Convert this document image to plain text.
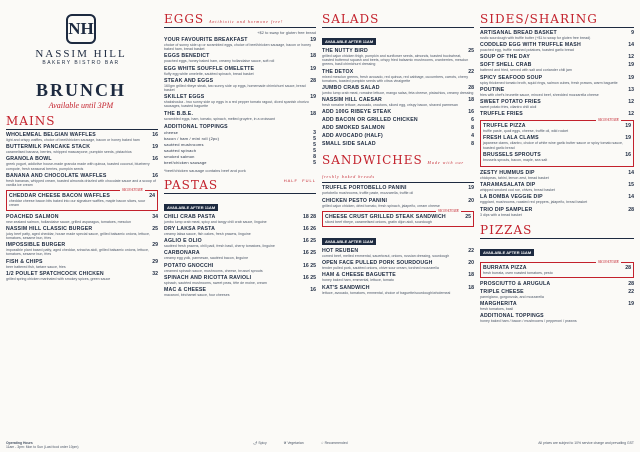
NH
NASSIM HILL
BAKERY BISTRO BAR
BRUNCH
Available until 3PM
MAINS
WHOLEMEAL BELGIAN WAFFLES	16
light and crispy waffles, choice of beef/chicken sausage, bacon or honey baked ham
BUTTERMILK PANCAKE STACK	19
caramelised banana, berries, whipped mascarpone, pumpkin seeds, pistachios
GRANOLA BOWL	16
greek yogurt, addictive house-made granola made with quinoa, toasted coconut, blueberry compote, fresh seasonal berries, pumpkin seeds
BANANA AND CHOCOLATE WAFFLES	16
fresh bananas, whipped cream, toasted almonds drizzled with chocolate sauce and a scoop of vanilla ice cream
SIGNATURE
CHEDDAR CHEESE BACON WAFFLES	24
cheddar cheese bacon bits baked into our signature waffles, maple bacon slices, sour cream
POACHED SALMON	34
new zealand salmon, hollandaise sauce, grilled asparagus, tomatoes, mesclun
NASSIM HILL CLASSIC BURGER	25
juicy beef patty, aged cheddar, house made special sauce, grilled balsamic onions, lettuce, tomatoes, sesame bun, fries
IMPOSSIBLE BURGER	29
impossible plant based patty, aged cheddar, sriracha aioli, grilled balsamic onions, lettuce, tomatoes, sesame bun, fries
FISH & CHIPS	29
beer battered fish, tartare sauce, fries
1/2 POULET SPATCHCOCK CHICKEN	32
grilled spring chicken marinated with smokey spices, green sauce
EGGS Antibiotic and hormone free!
+$2 to swap for gluten free bread
YOUR FAVOURITE BREAKFAST	19
choice of sunny side up or scrambled eggs, choice of beef/chicken sausage, bacon or honey baked ham, bread basket
EGGS BENEDICT	18
poached eggs, honey baked ham, creamy hollandaise sauce, soft roll
EGG WHITE SOUFFLE OMELETTE	19
fluffy egg white omelette, sautéed spinach, bread basket
STEAK AND EGGS	28
160gm grilled ribeye steak, two sunny side up eggs, homemade chimichurri sauce, bread basket
SKILLET EGGS	19
shakshouka - two sunny side up eggs in a red pepper tomato ragout, diced spanish chorizo sausages, toasted baguette
THE B.B.E.	18
scrambled eggs, ham, tomato, spinach, melted gruyère, in a croissant
ADDITIONAL TOPPINGS
cheese	3
bacon / ham / mini roll (2pc)	5
sautéed mushrooms	5
sautéed spinach	5
smoked salmon	8
beef/chicken sausage	5
*beef/chicken sausage contains beef and pork
PASTAS	HALF FULL
AVAILABLE AFTER 11AM
CHILI CRAB PASTA	18 28
jumbo lump crab meat, spicy and tangy chili crab sauce, linguine
DRY LAKSA PASTA	16 26
creamy laksa sauce, fish cakes, fresh prawns, linguine
AGLIO E OLIO	16 25
sautéed fresh prawns, chili padi, fresh basil, cherry tomatoes, linguine
CARBONARA	16 25
creamy egg yolk, parmesan, sautéed bacon, linguine
POTATO GNOCCHI	16 25
creamed spinach sauce, mushrooms, cheese, brussel sprouts
SPINACH AND RICOTTA RAVIOLI	16 25
spinach, sautéed mushrooms, sweet peas, tête de moine, cream
MAC & CHEESE	16
macaroni, béchamel sauce, four cheeses
SALADS
AVAILABLE AFTER 11AM
THE NUTTY BIRD	25
grilled cajun chicken thigh, pumpkin and sunflower seeds, almonds, toasted buckwheat, roasted butternut squash and beets, crispy fried balsamic mushrooms, cranberries, mesclun greens, basil chimichurri dressing
THE DETOX	22
mixed mesclun greens, fresh avocado, red quinoa, red cabbage, cucumbers, carrots, cherry tomatoes, toasted pumpkin seeds with citrus vinaigrette
JUMBO CRAB SALAD	28
jumbo lump crab meat, romaine lettuce, mango salsa, feta cheese, pistachios, creamy dressing
NASSIM HILL CAESAR	18
fresh romaine lettuce, avocado, croutons, sliced egg, crispy bacon, shaved parmesan
ADD 100G RIBEYE STEAK	16
ADD BACON OR GRILLED CHICKEN	6
ADD SMOKED SALMON	8
ADD AVOCADO (HALF)	4
SMALL SIDE SALAD	8
SANDWICHES Made with our freshly baked breads
TRUFFLE PORTOBELLO PANINI	19
portobello mushrooms, truffle paste, mozzarella, truffle oil
CHICKEN PESTO PANINI	20
grilled cajun chicken, dried tomato, fresh spinach, jalapeño, cream cheese
SIGNATURE
CHEESE CRUST GRILLED STEAK SANDWICH	25
sliced beef ribeye, caramelised onions, gratin dijon aioli, sourdough
AVAILABLE AFTER 11AM
HOT REUBEN	22
corned beef, melted emmental, sauerkraut, onions, russian dressing, sourdough
OPEN FACE PULLED PORK SOURDOUGH	20
tender pulled pork, sautéed onions, chive sour cream, torched mozzarella
HAM & CHEESE BAGUETTE	18
honey baked ham, emmental, lettuce, tomato
KAT'S SANDWICH	18
lettuce, avocado, tomatoes, emmental, choice of baguette/sourdough/wholemeal
SIDES/SHARING
ARTISANAL BREAD BASKET	9
rustic sourdough with truffle butter (+$1 to swap for gluten free bread)
CODDLED EGG WITH TRUFFLE MASH	14
poached egg, truffle mashed potatoes, toasted garlic bread
SOUP OF THE DAY	12
SOFT SHELL CRAB	19
battered and fried, served with salt and coriander chili jam
SPICY SEAFOOD SOUP	19
spicy thickened tomato broth, squid rings, salmon cubes, fresh prawns, warm baguette
POUTINE	13
fries with chef's brunette sauce, minced beef, shredded mozzarella cheese
SWEET POTATO FRIES	12
sweet potato fries, cilantro chili aioli
TRUFFLE FRIES	12
SIGNATURE
TRUFFLE PIZZA	19
truffle paste, quail eggs, cheese, truffle oil, wild rocket
FRESH LALA CLAMS	19
japanese clams, cilantro, choice of white wine garlic butter sauce or spicy tomato sauce, toasted garlic bread
BRUSSELS SPROUTS	16
brussels sprouts, bacon, maple, sea salt
ZESTY HUMMUS DIP	14
chickpeas, tahini, lemon zest, bread basket
TARAMASALATA DIP	15
whipped smoked cod roe, chives, bread basket
LA BOMBA VEGGIE DIP	14
eggplant, mushrooms, roasted red peppers, jalapeño, bread basket
TRIO DIP SAMPLER	28
3 dips with a bread basket
PIZZAS
AVAILABLE AFTER 11AM
SIGNATURE
BURRATA PIZZA	28
fresh burrata, oven roasted tomatoes, pesto
PROSCIUTTO & ARUGULA	28
TRIPLE CHEESE	22
parmigiano, gorgonzola, and mozzarella
MARGHERITA	19
fresh tomatoes, basil
ADDITIONAL TOPPINGS
honey baked ham / bacon / mushrooms / pepperoni / prawns
Operating Hours
11am - 3pm: Mon to Sun (Last food order 10pm)
🌶 Spicy	❦ Vegetarian	☆ Recommended	All prices are subject to 10% service charge and prevailing GST
